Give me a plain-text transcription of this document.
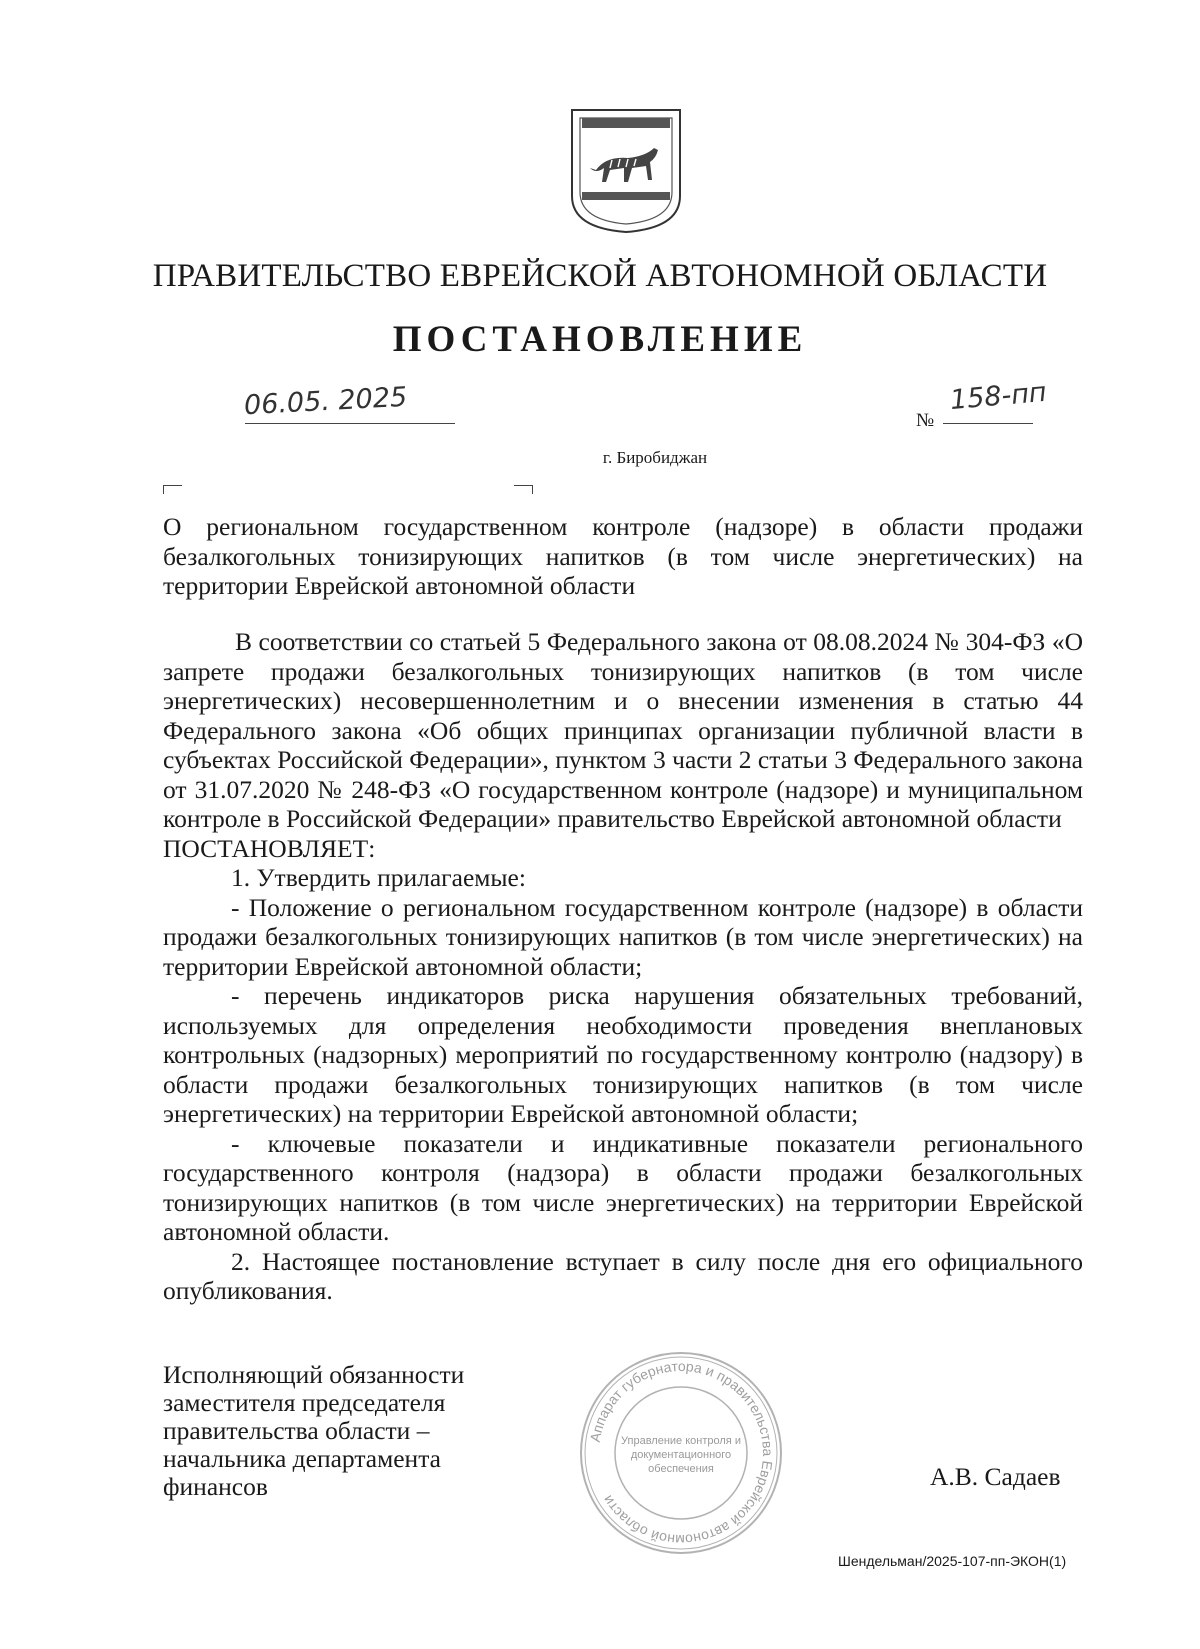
ПРАВИТЕЛЬСТВО ЕВРЕЙСКОЙ АВТОНОМНОЙ ОБЛАСТИ
ПОСТАНОВЛЕНИЕ
06.05. 2025	№
158-пп
г. Биробиджан
О региональном государственном контроле (надзоре) в области продажи безалкогольных тонизирующих напитков (в том числе энергетических) на территории Еврейской автономной области
В соответствии со статьей 5 Федерального закона от 08.08.2024 № 304-ФЗ «О запрете продажи безалкогольных тонизирующих напитков (в том числе энергетических) несовершеннолетним и о внесении изменения в статью 44 Федерального закона «Об общих принципах организации публичной власти в субъектах Российской Федерации», пунктом 3 части 2 статьи 3 Федерального закона от 31.07.2020 № 248-ФЗ «О государственном контроле (надзоре) и муниципальном контроле в Российской Федерации» правительство Еврейской автономной области
ПОСТАНОВЛЯЕТ:
1. Утвердить прилагаемые:
- Положение о региональном государственном контроле (надзоре) в области продажи безалкогольных тонизирующих напитков (в том числе энергетических) на территории Еврейской автономной области;
- перечень индикаторов риска нарушения обязательных требований, используемых для определения необходимости проведения внеплановых контрольных (надзорных) мероприятий по государственному контролю (надзору) в области продажи безалкогольных тонизирующих напитков (в том числе энергетических) на территории Еврейской автономной области;
- ключевые показатели и индикативные показатели регионального государственного контроля (надзора) в области продажи безалкогольных тонизирующих напитков (в том числе энергетических) на территории Еврейской автономной области.
2. Настоящее постановление вступает в силу после дня его официального опубликования.
Исполняющий обязанности
заместителя председателя
правительства области –
начальника департамента
финансов
Аппарат губернатора и правительства Еврейской автономной области
Управление контроля и
документационного
обеспечения	А.В. Садаев
Шендельман/2025-107-пп-ЭКОН(1)
